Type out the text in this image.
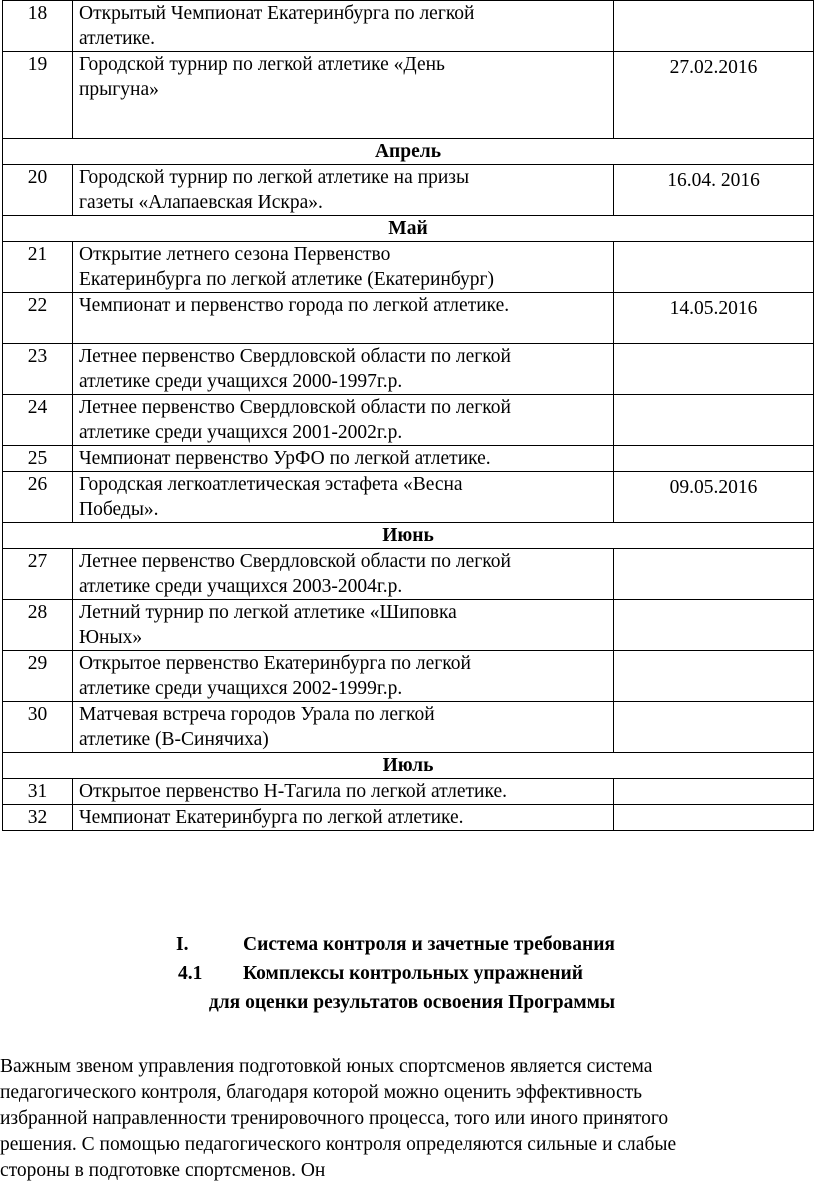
18	Открытый Чемпионат Екатеринбурга по легкой
атлетике.	

19	Городской турнир по легкой атлетике «День
прыгуна»	27.02.2016
Апрель		
20	Городской турнир по легкой атлетике на призы
газеты «Алапаевская Искра».	16.04. 2016
Май		
21	Открытие летнего сезона Первенство
Екатеринбурга по легкой атлетике (Екатеринбург)	

22	Чемпионат и первенство города по легкой атлетике.	14.05.2016
23	Летнее первенство Свердловской области по легкой
атлетике среди учащихся 2000-1997г.р.	

24	Летнее первенство Свердловской области по легкой
атлетике среди учащихся 2001-2002г.р.	

25	Чемпионат первенство УрФО по легкой атлетике.	

26	Городская легкоатлетическая эстафета «Весна
Победы».	09.05.2016
Июнь		
27	Летнее первенство Свердловской области по легкой
атлетике среди учащихся 2003-2004г.р.	

28	Летний турнир по легкой атлетике «Шиповка
Юных»	

29	Открытое первенство Екатеринбурга по легкой
атлетике среди учащихся 2002-1999г.р.	

30	Матчевая встреча городов Урала по легкой
атлетике (В-Синячиха)	

Июль		
31	Открытое первенство Н-Тагила по легкой атлетике.	

32	Чемпионат Екатеринбурга по легкой атлетике.	

I.	Система контроля и зачетные требования
4.1 Комплексы контрольных упражнений
для оценки результатов освоения Программы
Важным звеном управления подготовкой юных спортсменов является система
педагогического контроля, благодаря которой можно оценить эффективность
избранной направленности тренировочного процесса, того или иного принятого
решения. С помощью педагогического контроля определяются сильные и слабые
стороны в подготовке спортсменов. Он
